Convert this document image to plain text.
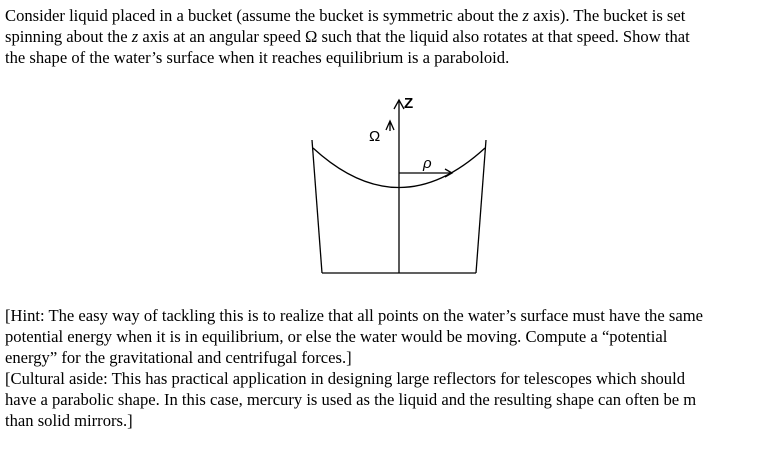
Consider liquid placed in a bucket (assume the bucket is symmetric about the z axis). The bucket is set
spinning about the z axis at an angular speed Ω such that the liquid also rotates at that speed. Show that
the shape of the water’s surface when it reaches equilibrium is a paraboloid.
Z
Ω
ρ
[Hint: The easy way of tackling this is to realize that all points on the water’s surface must have the same
potential energy when it is in equilibrium, or else the water would be moving. Compute a “potential
energy” for the gravitational and centrifugal forces.]
[Cultural aside: This has practical application in designing large reflectors for telescopes which should
have a parabolic shape. In this case, mercury is used as the liquid and the resulting shape can often be m
than solid mirrors.]
